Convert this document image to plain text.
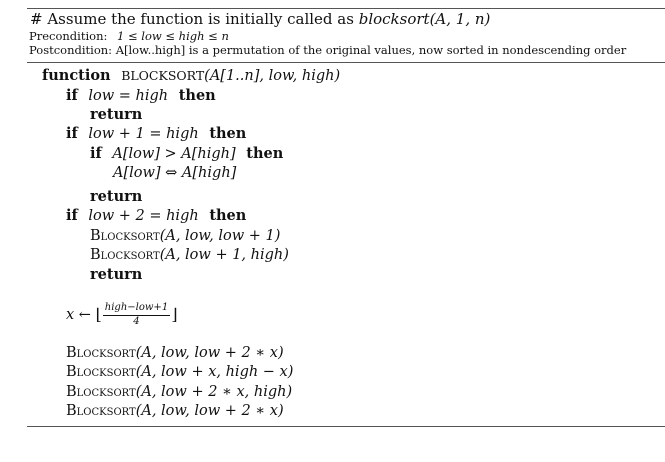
# Assume the function is initially called as blocksort(A, 1, n)
Precondition: 1 ≤ low ≤ high ≤ n
Postcondition: A[low..high] is a permutation of the original values, now sorted in nondescending order
function BLOCKSORT(A[1..n], low, high)
if low = high then
return
if low + 1 = high then
if A[low] > A[high] then
A[low] ⇔ A[high]
return
if low + 2 = high then
Blocksort(A, low, low + 1)
Blocksort(A, low + 1, high)
return
x ← ⌊ $\frac{\text{high−low+1}}{4}$ ⌋
Blocksort(A, low, low + 2 ∗ x)
Blocksort(A, low + x, high − x)
Blocksort(A, low + 2 ∗ x, high)
Blocksort(A, low, low + 2 ∗ x)
